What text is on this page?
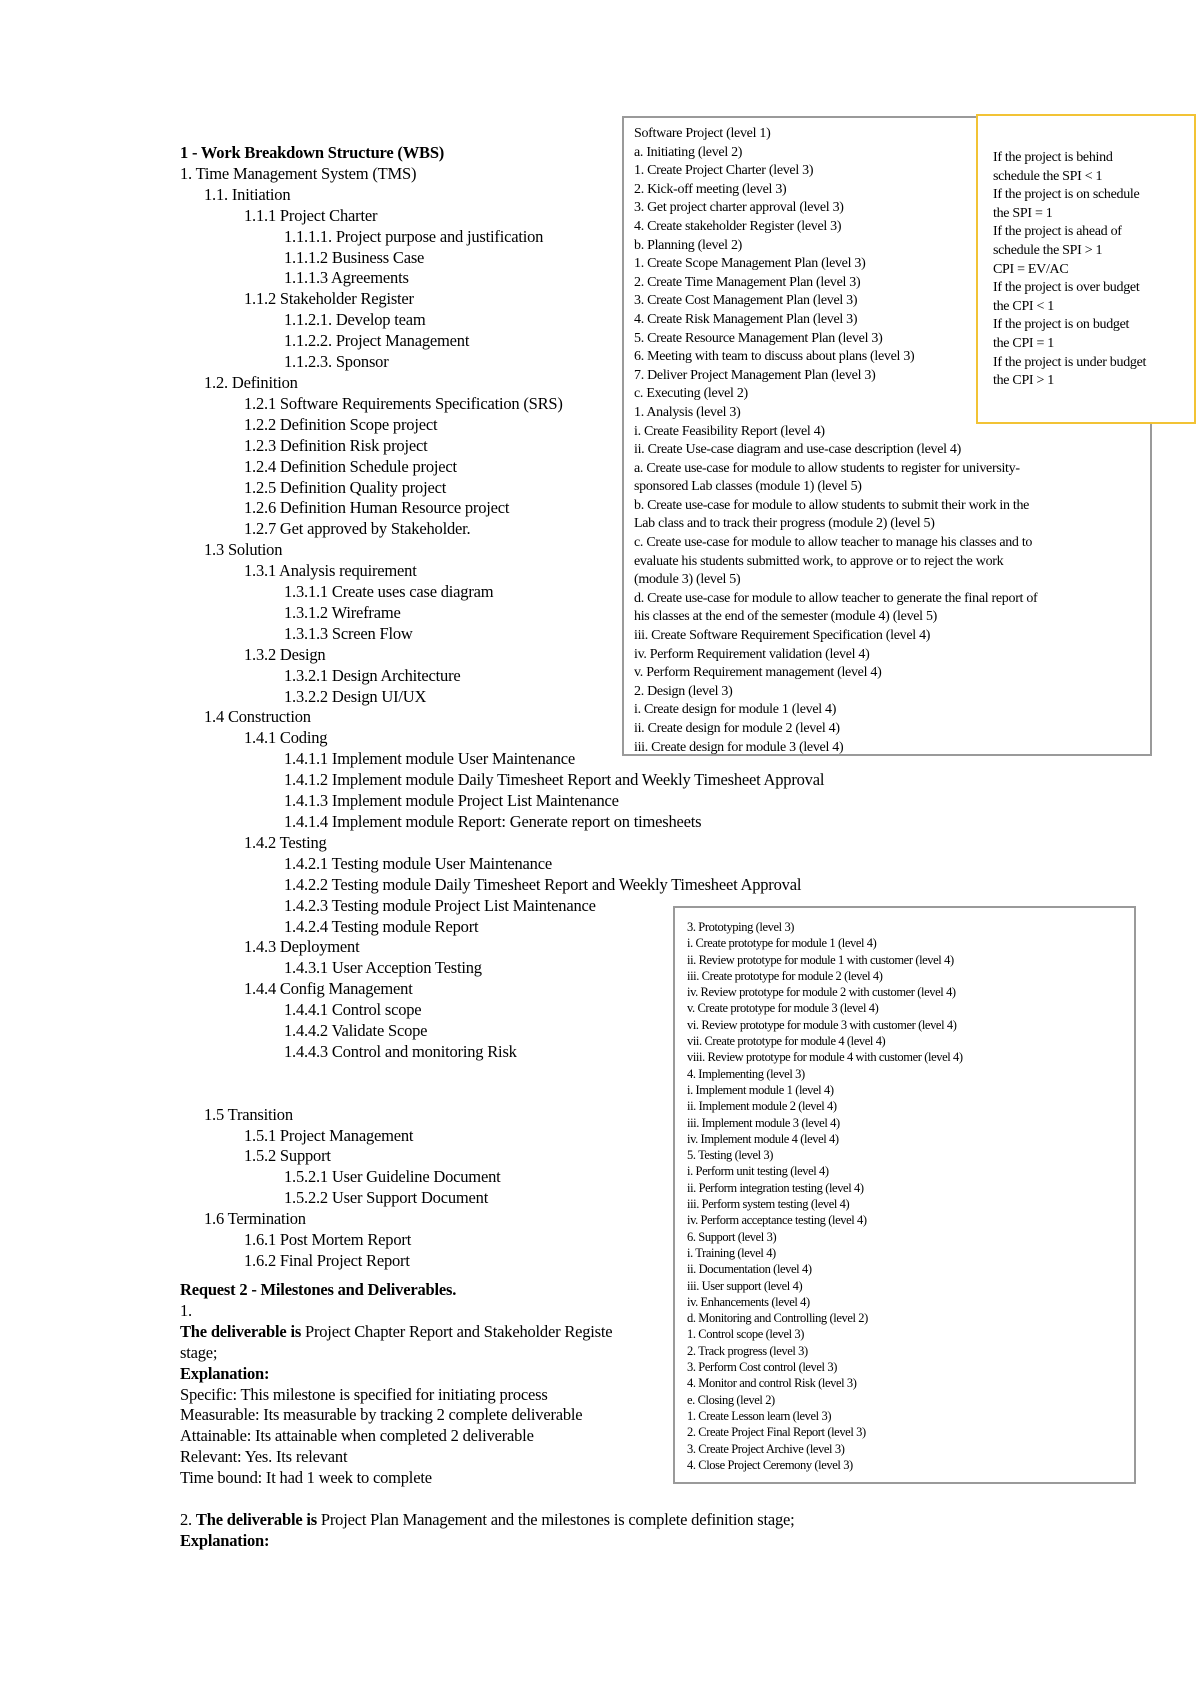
1 - Work Breakdown Structure (WBS)
1. Time Management System (TMS)
1.1. Initiation
1.1.1 Project Charter
1.1.1.1. Project purpose and justification
1.1.1.2 Business Case
1.1.1.3 Agreements
1.1.2 Stakeholder Register
1.1.2.1. Develop team
1.1.2.2. Project Management
1.1.2.3. Sponsor
1.2. Definition
1.2.1 Software Requirements Specification (SRS)
1.2.2 Definition Scope project
1.2.3 Definition Risk project
1.2.4 Definition Schedule project
1.2.5 Definition Quality project
1.2.6 Definition Human Resource project
1.2.7 Get approved by Stakeholder.
1.3 Solution
1.3.1 Analysis requirement
1.3.1.1 Create uses case diagram
1.3.1.2 Wireframe
1.3.1.3 Screen Flow
1.3.2 Design
1.3.2.1 Design Architecture
1.3.2.2 Design UI/UX
1.4 Construction
1.4.1 Coding
1.4.1.1 Implement module User Maintenance
1.4.1.2 Implement module Daily Timesheet Report and Weekly Timesheet Approval
1.4.1.3 Implement module Project List Maintenance
1.4.1.4 Implement module Report: Generate report on timesheets
1.4.2 Testing
1.4.2.1 Testing module User Maintenance
1.4.2.2 Testing module Daily Timesheet Report and Weekly Timesheet Approval
1.4.2.3 Testing module Project List Maintenance
1.4.2.4 Testing module Report
1.4.3 Deployment
1.4.3.1 User Acception Testing
1.4.4 Config Management
1.4.4.1 Control scope
1.4.4.2 Validate Scope
1.4.4.3 Control and monitoring Risk
1.5 Transition
1.5.1 Project Management
1.5.2 Support
1.5.2.1 User Guideline Document
1.5.2.2 User Support Document
1.6 Termination
1.6.1 Post Mortem Report
1.6.2 Final Project Report
Request 2 - Milestones and Deliverables.
1.
The deliverable is Project Chapter Report and Stakeholder Registe
stage;
Explanation:
Specific: This milestone is specified for initiating process
Measurable: Its measurable by tracking 2 complete deliverable
Attainable: Its attainable when completed 2 deliverable
Relevant: Yes. Its relevant
Time bound: It had 1 week to complete
2. The deliverable is Project Plan Management and the milestones is complete definition stage;
Explanation:
Software Project (level 1)
a. Initiating (level 2)
1. Create Project Charter (level 3)
2. Kick-off meeting (level 3)
3. Get project charter approval (level 3)
4. Create stakeholder Register (level 3)
b. Planning (level 2)
1. Create Scope Management Plan (level 3)
2. Create Time Management Plan (level 3)
3. Create Cost Management Plan (level 3)
4. Create Risk Management Plan (level 3)
5. Create Resource Management Plan (level 3)
6. Meeting with team to discuss about plans (level 3)
7. Deliver Project Management Plan (level 3)
c. Executing (level 2)
1. Analysis (level 3)
i. Create Feasibility Report (level 4)
ii. Create Use-case diagram and use-case description (level 4)
a. Create use-case for module to allow students to register for university-
sponsored Lab classes (module 1) (level 5)
b. Create use-case for module to allow students to submit their work in the
Lab class and to track their progress (module 2) (level 5)
c. Create use-case for module to allow teacher to manage his classes and to
evaluate his students submitted work, to approve or to reject the work
(module 3) (level 5)
d. Create use-case for module to allow teacher to generate the final report of
his classes at the end of the semester (module 4) (level 5)
iii. Create Software Requirement Specification (level 4)
iv. Perform Requirement validation (level 4)
v. Perform Requirement management (level 4)
2. Design (level 3)
i. Create design for module 1 (level 4)
ii. Create design for module 2 (level 4)
iii. Create design for module 3 (level 4)
If the project is behind
schedule the SPI < 1
If the project is on schedule
the SPI = 1
If the project is ahead of
schedule the SPI > 1
CPI = EV/AC
If the project is over budget
the CPI < 1
If the project is on budget
the CPI = 1
If the project is under budget
the CPI > 1
3. Prototyping (level 3)
i. Create prototype for module 1 (level 4)
ii. Review prototype for module 1 with customer (level 4)
iii. Create prototype for module 2 (level 4)
iv. Review prototype for module 2 with customer (level 4)
v. Create prototype for module 3 (level 4)
vi. Review prototype for module 3 with customer (level 4)
vii. Create prototype for module 4 (level 4)
viii. Review prototype for module 4 with customer (level 4)
4. Implementing (level 3)
i. Implement module 1 (level 4)
ii. Implement module 2 (level 4)
iii. Implement module 3 (level 4)
iv. Implement module 4 (level 4)
5. Testing (level 3)
i. Perform unit testing (level 4)
ii. Perform integration testing (level 4)
iii. Perform system testing (level 4)
iv. Perform acceptance testing (level 4)
6. Support (level 3)
i. Training (level 4)
ii. Documentation (level 4)
iii. User support (level 4)
iv. Enhancements (level 4)
d. Monitoring and Controlling (level 2)
1. Control scope (level 3)
2. Track progress (level 3)
3. Perform Cost control (level 3)
4. Monitor and control Risk (level 3)
e. Closing (level 2)
1. Create Lesson learn (level 3)
2. Create Project Final Report (level 3)
3. Create Project Archive (level 3)
4. Close Project Ceremony (level 3)
